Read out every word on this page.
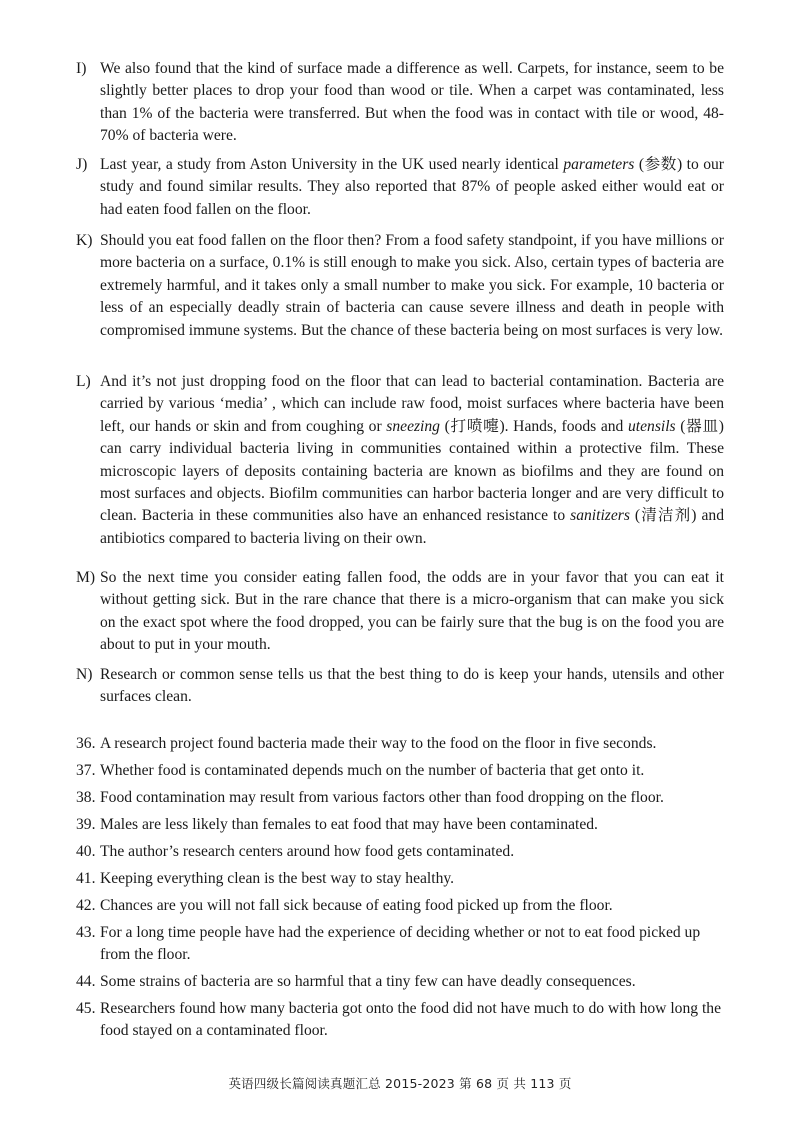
I) We also found that the kind of surface made a difference as well. Carpets, for instance, seem to be slightly better places to drop your food than wood or tile. When a carpet was contaminated, less than 1% of the bacteria were transferred. But when the food was in contact with tile or wood, 48-70% of bacteria were.
J) Last year, a study from Aston University in the UK used nearly identical parameters (参数) to our study and found similar results. They also reported that 87% of people asked either would eat or had eaten food fallen on the floor.
K) Should you eat food fallen on the floor then? From a food safety standpoint, if you have millions or more bacteria on a surface, 0.1% is still enough to make you sick. Also, certain types of bacteria are extremely harmful, and it takes only a small number to make you sick. For example, 10 bacteria or less of an especially deadly strain of bacteria can cause severe illness and death in people with compromised immune systems. But the chance of these bacteria being on most surfaces is very low.
L) And it’s not just dropping food on the floor that can lead to bacterial contamination. Bacteria are carried by various ‘media’ , which can include raw food, moist surfaces where bacteria have been left, our hands or skin and from coughing or sneezing (打喷嚏). Hands, foods and utensils (器皿) can carry individual bacteria living in communities contained within a protective film. These microscopic layers of deposits containing bacteria are known as biofilms and they are found on most surfaces and objects. Biofilm communities can harbor bacteria longer and are very difficult to clean. Bacteria in these communities also have an enhanced resistance to sanitizers (清洁剂) and antibiotics compared to bacteria living on their own.
M) So the next time you consider eating fallen food, the odds are in your favor that you can eat it without getting sick. But in the rare chance that there is a micro-organism that can make you sick on the exact spot where the food dropped, you can be fairly sure that the bug is on the food you are about to put in your mouth.
N) Research or common sense tells us that the best thing to do is keep your hands, utensils and other surfaces clean.
36. A research project found bacteria made their way to the food on the floor in five seconds.
37. Whether food is contaminated depends much on the number of bacteria that get onto it.
38. Food contamination may result from various factors other than food dropping on the floor.
39. Males are less likely than females to eat food that may have been contaminated.
40. The author’s research centers around how food gets contaminated.
41. Keeping everything clean is the best way to stay healthy.
42. Chances are you will not fall sick because of eating food picked up from the floor.
43. For a long time people have had the experience of deciding whether or not to eat food picked up from the floor.
44. Some strains of bacteria are so harmful that a tiny few can have deadly consequences.
45. Researchers found how many bacteria got onto the food did not have much to do with how long the food stayed on a contaminated floor.
英语四级长篇阅读真题汇总 2015-2023 第 68 页 共 113 页
